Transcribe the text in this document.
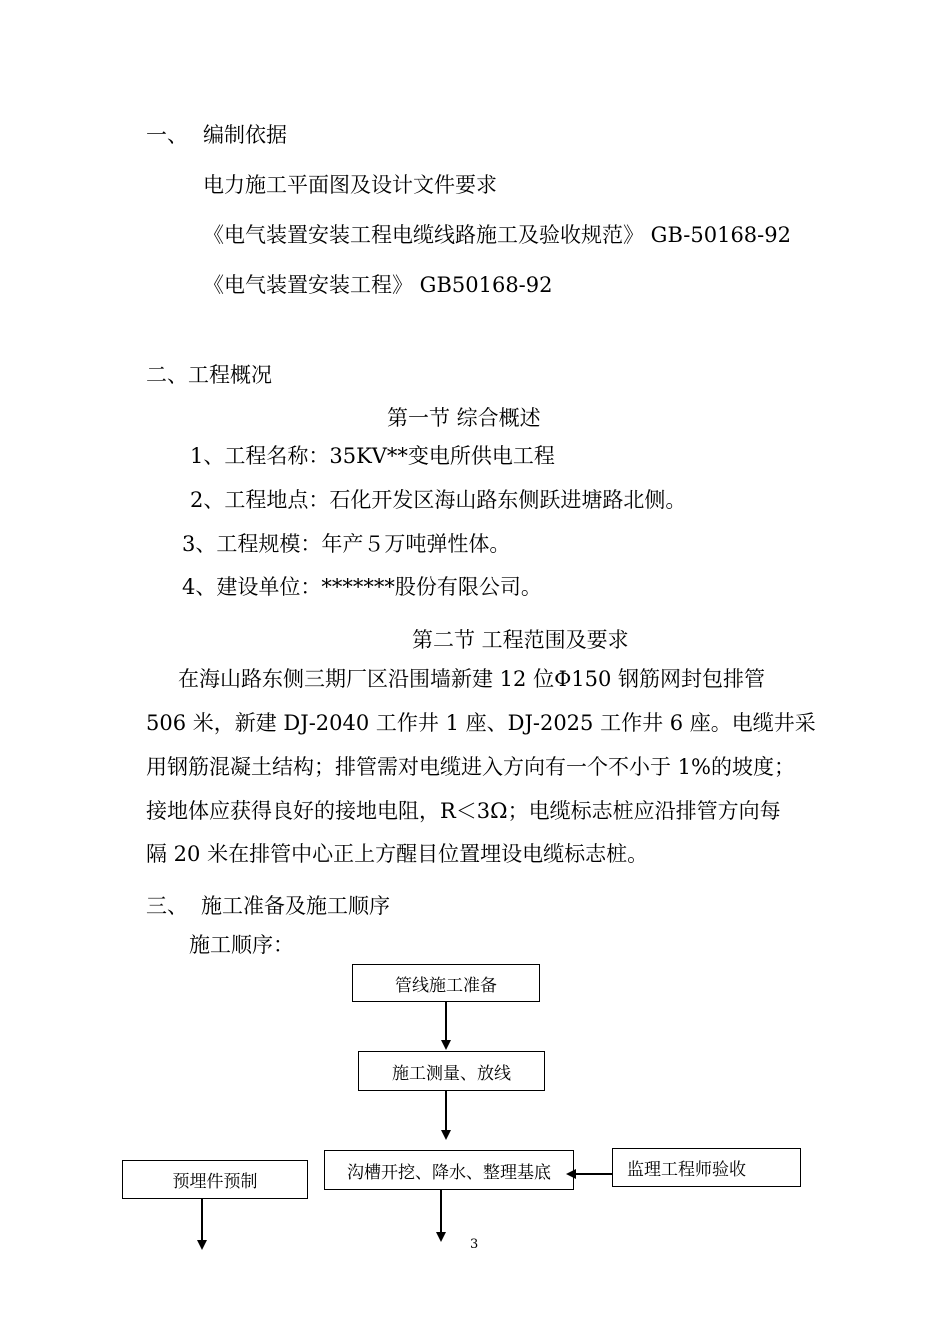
一、 编制依据
电力施工平面图及设计文件要求
《电气装置安装工程电缆线路施工及验收规范》 GB-50168-92
《电气装置安装工程》 GB50168-92
二、工程概况
第一节 综合概述
1、工程名称：35KV**变电所供电工程
2、工程地点：石化开发区海山路东侧跃进塘路北侧。
3、工程规模：年产５万吨弹性体。
4、建设单位：*******股份有限公司。
第二节 工程范围及要求
在海山路东侧三期厂区沿围墙新建 12 位Φ150 钢筋网封包排管
506 米，新建 DJ-2040 工作井 1 座、DJ-2025 工作井 6 座。电缆井采
用钢筋混凝土结构；排管需对电缆进入方向有一个不小于 1%的坡度；
接地体应获得良好的接地电阻，R＜3Ω；电缆标志桩应沿排管方向每
隔 20 米在排管中心正上方醒目位置埋设电缆标志桩。
三、 施工准备及施工顺序
施工顺序：
管线施工准备
施工测量、放线
沟槽开挖、降水、整理基底	监理工程师验收
预埋件预制
3
